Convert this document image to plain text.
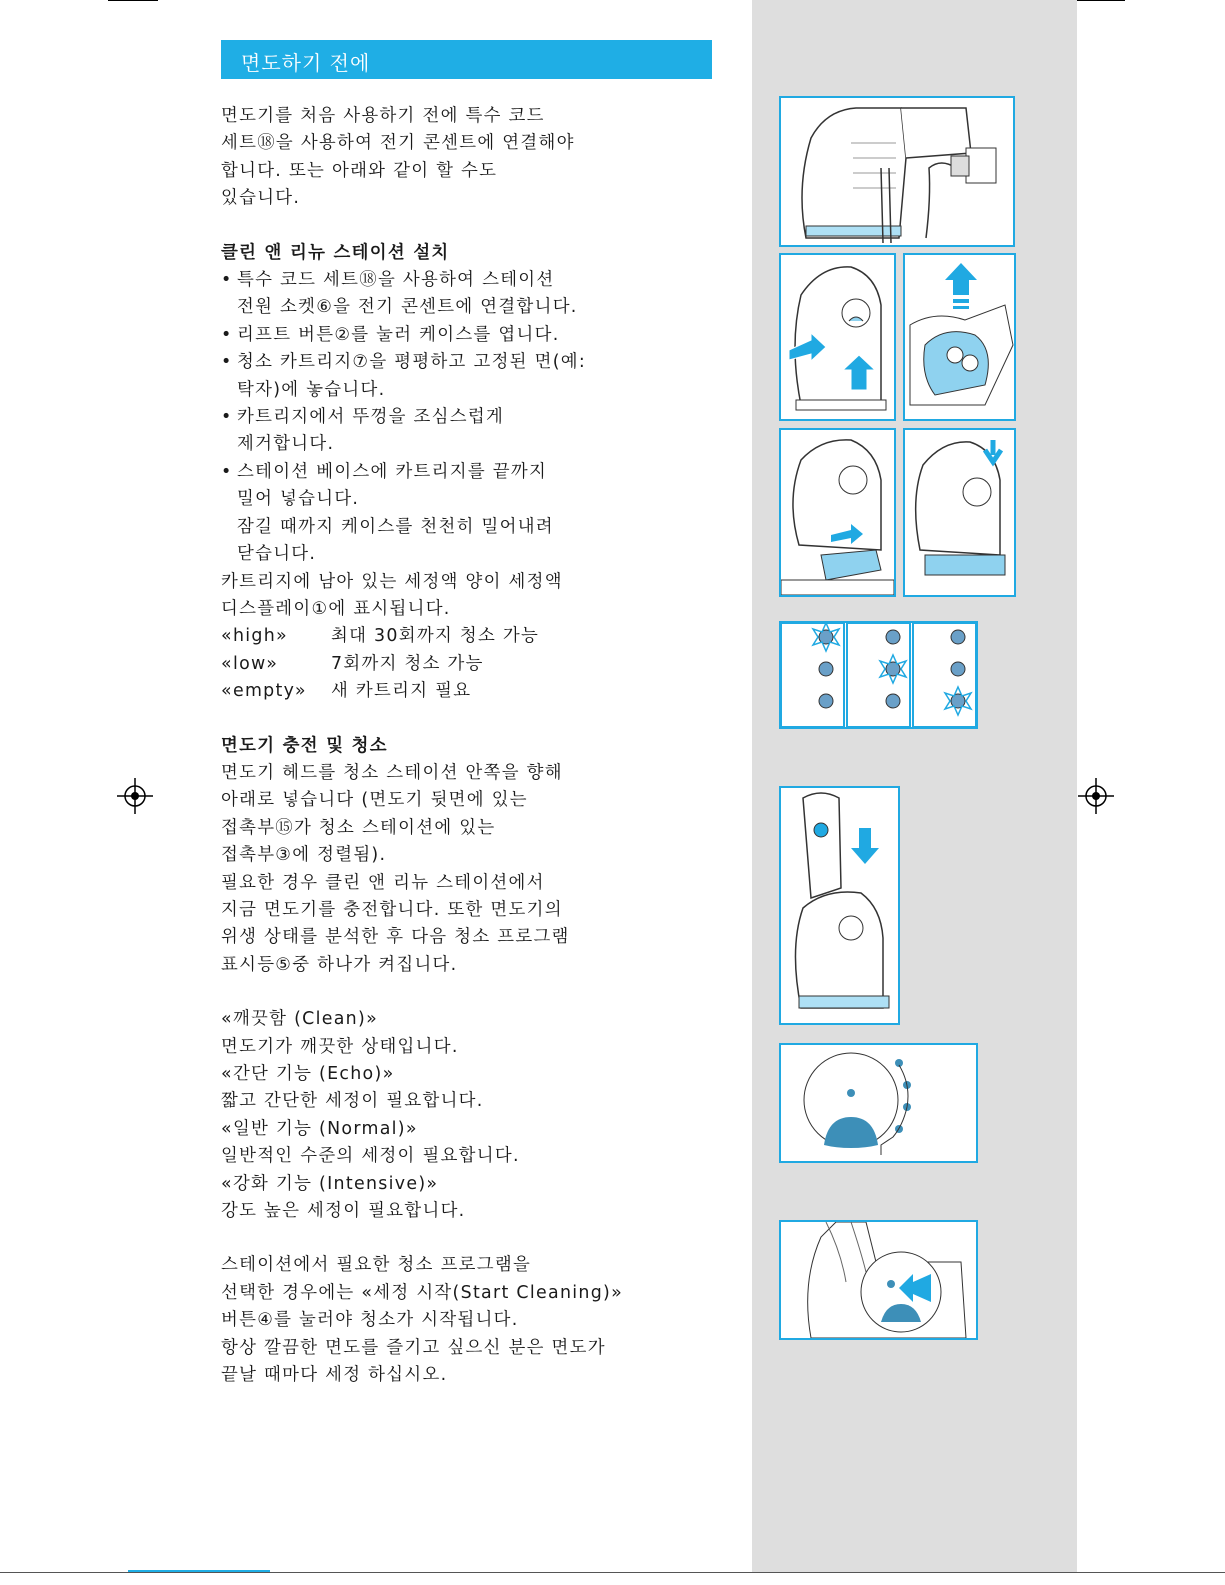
면도하기 전에

면도기를 처음 사용하기 전에 특수 코드

세트⑱을 사용하여 전기 콘센트에 연결해야

합니다. 또는 아래와 같이 할 수도

있습니다.

클린 앤 리뉴 스테이션 설치

• 특수 코드 세트⑱을 사용하여 스테이션

전원 소켓⑥을 전기 콘센트에 연결합니다.

• 리프트 버튼②를 눌러 케이스를 엽니다.

• 청소 카트리지⑦을 평평하고 고정된 면(예:

탁자)에 놓습니다.

• 카트리지에서 뚜껑을 조심스럽게

제거합니다.

• 스테이션 베이스에 카트리지를 끝까지

밀어 넣습니다.

잠길 때까지 케이스를 천천히 밀어내려

닫습니다.

카트리지에 남아 있는 세정액 양이 세정액

디스플레이①에 표시됩니다.

«high» 최대 30회까지 청소 가능

«low»	7회까지 청소 가능

«empty» 새 카트리지 필요

면도기 충전 및 청소

면도기 헤드를 청소 스테이션 안쪽을 향해

아래로 넣습니다 (면도기 뒷면에 있는

접촉부⑮가 청소 스테이션에 있는

접촉부③에 정렬됨).

필요한 경우 클린 앤 리뉴 스테이션에서

지금 면도기를 충전합니다. 또한 면도기의

위생 상태를 분석한 후 다음 청소 프로그램

표시등⑤중 하나가 켜집니다.

«깨끗함 (Clean)»

면도기가 깨끗한 상태입니다.

«간단 기능 (Echo)»

짧고 간단한 세정이 필요합니다.

«일반 기능 (Normal)»

일반적인 수준의 세정이 필요합니다.

«강화 기능 (Intensive)»

강도 높은 세정이 필요합니다.

스테이션에서 필요한 청소 프로그램을

선택한 경우에는 «세정 시작(Start Cleaning)»

버튼④를 눌러야 청소가 시작됩니다.

항상 깔끔한 면도를 즐기고 싶으신 분은 면도가

끝날 때마다 세정 하십시오.
